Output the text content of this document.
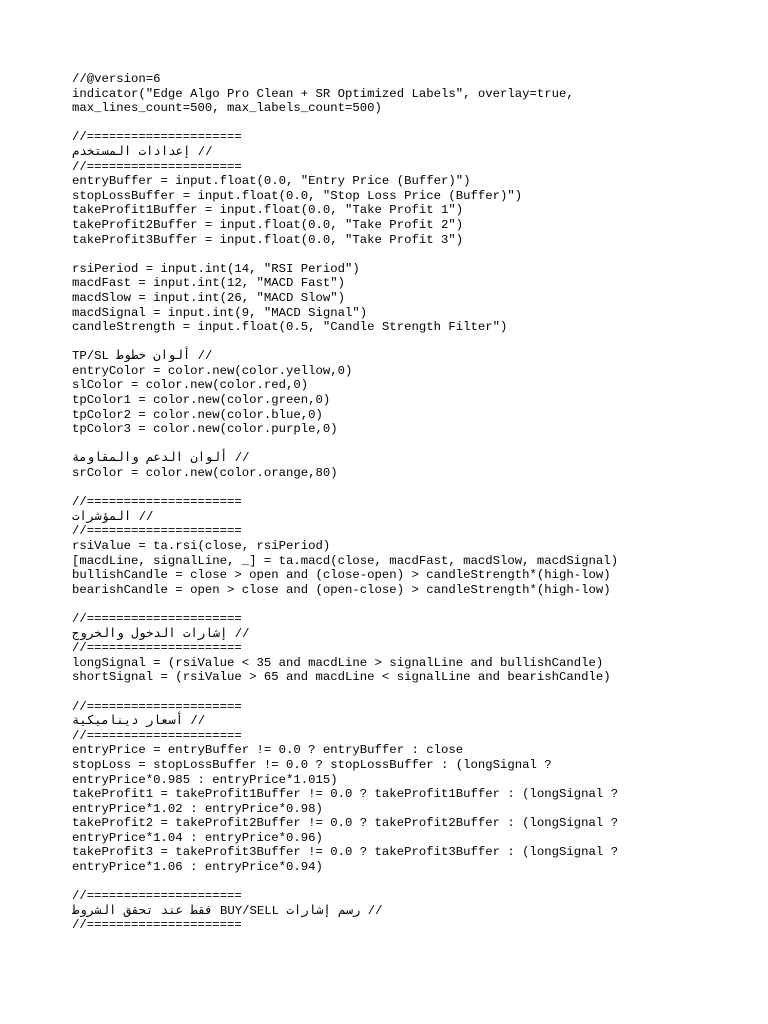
//@version=6
indicator("Edge Algo Pro Clean + SR Optimized Labels", overlay=true,
max_lines_count=500, max_labels_count=500)
//=====================
// إعدادات المستخدم
//=====================
entryBuffer = input.float(0.0, "Entry Price (Buffer)")
stopLossBuffer = input.float(0.0, "Stop Loss Price (Buffer)")
takeProfit1Buffer = input.float(0.0, "Take Profit 1")
takeProfit2Buffer = input.float(0.0, "Take Profit 2")
takeProfit3Buffer = input.float(0.0, "Take Profit 3")
rsiPeriod = input.int(14, "RSI Period")
macdFast = input.int(12, "MACD Fast")
macdSlow = input.int(26, "MACD Slow")
macdSignal = input.int(9, "MACD Signal")
candleStrength = input.float(0.5, "Candle Strength Filter")
// ألوان خطوط TP/SL
entryColor = color.new(color.yellow,0)
slColor = color.new(color.red,0)
tpColor1 = color.new(color.green,0)
tpColor2 = color.new(color.blue,0)
tpColor3 = color.new(color.purple,0)
// ألوان الدعم والمقاومة
srColor = color.new(color.orange,80)
//=====================
// المؤشرات
//=====================
rsiValue = ta.rsi(close, rsiPeriod)
[macdLine, signalLine, _] = ta.macd(close, macdFast, macdSlow, macdSignal)
bullishCandle = close > open and (close-open) > candleStrength*(high-low)
bearishCandle = open > close and (open-close) > candleStrength*(high-low)
//=====================
// إشارات الدخول والخروج
//=====================
longSignal = (rsiValue < 35 and macdLine > signalLine and bullishCandle)
shortSignal = (rsiValue > 65 and macdLine < signalLine and bearishCandle)
//=====================
// أسعار ديناميكية
//=====================
entryPrice = entryBuffer != 0.0 ? entryBuffer : close
stopLoss = stopLossBuffer != 0.0 ? stopLossBuffer : (longSignal ?
entryPrice*0.985 : entryPrice*1.015)
takeProfit1 = takeProfit1Buffer != 0.0 ? takeProfit1Buffer : (longSignal ?
entryPrice*1.02 : entryPrice*0.98)
takeProfit2 = takeProfit2Buffer != 0.0 ? takeProfit2Buffer : (longSignal ?
entryPrice*1.04 : entryPrice*0.96)
takeProfit3 = takeProfit3Buffer != 0.0 ? takeProfit3Buffer : (longSignal ?
entryPrice*1.06 : entryPrice*0.94)
//=====================
// رسم إشارات BUY/SELL فقط عند تحقق الشروط
//=====================
